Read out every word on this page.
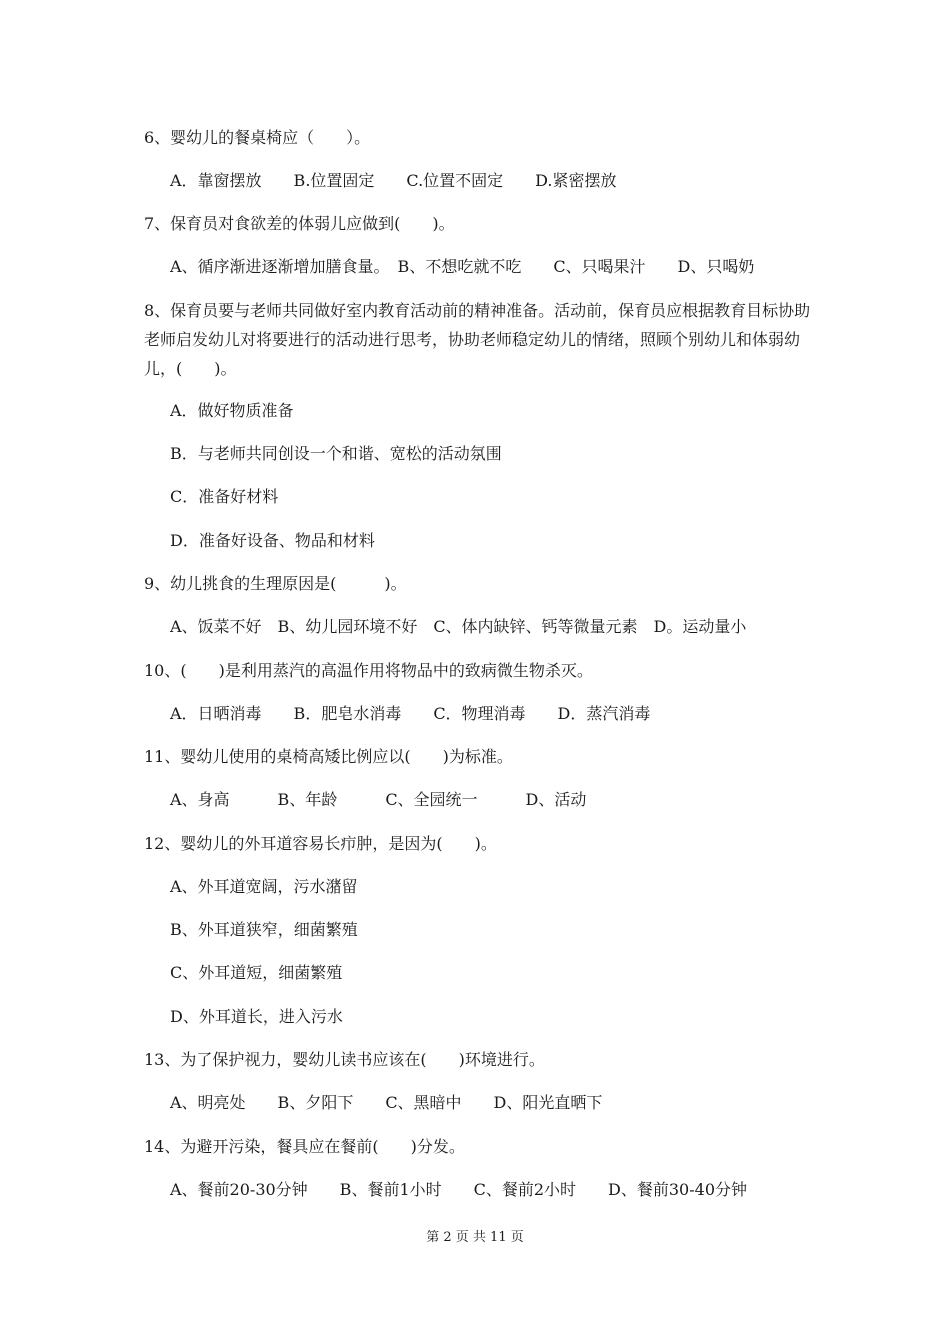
6、婴幼儿的餐桌椅应（　　）。

A．靠窗摆放　　B.位置固定　　C.位置不固定　　D.紧密摆放

7、保育员对食欲差的体弱儿应做到(　　)。

A、循序渐进逐渐增加膳食量。　B、不想吃就不吃　　C、只喝果汁　　D、只喝奶

8、保育员要与老师共同做好室内教育活动前的精神准备。活动前，保育员应根据教育目标协助老师启发幼儿对将要进行的活动进行思考，协助老师稳定幼儿的情绪，照顾个别幼儿和体弱幼儿，(　　)。

A．做好物质准备

B．与老师共同创设一个和谐、宽松的活动氛围

C．准备好材料

D．准备好设备、物品和材料

9、幼儿挑食的生理原因是(　　　)。

A、饭菜不好　B、幼儿园环境不好　C、体内缺锌、钙等微量元素　D。运动量小

10、(　　)是利用蒸汽的高温作用将物品中的致病微生物杀灭。

A．日晒消毒　　B．肥皂水消毒　　C．物理消毒　　D．蒸汽消毒

11、婴幼儿使用的桌椅高矮比例应以(　　)为标准。

A、身高　　　B、年龄　　　C、全园统一　　　D、活动

12、婴幼儿的外耳道容易长疖肿，是因为(　　)。

A、外耳道宽阔，污水潴留

B、外耳道狭窄，细菌繁殖

C、外耳道短，细菌繁殖

D、外耳道长，进入污水

13、为了保护视力，婴幼儿读书应该在(　　)环境进行。

A、明亮处　　B、夕阳下　　C、黑暗中　　D、阳光直晒下

14、为避开污染，餐具应在餐前(　　)分发。

A、餐前20-30分钟　　B、餐前1小时　　C、餐前2小时　　D、餐前30-40分钟

第 2 页 共 11 页
